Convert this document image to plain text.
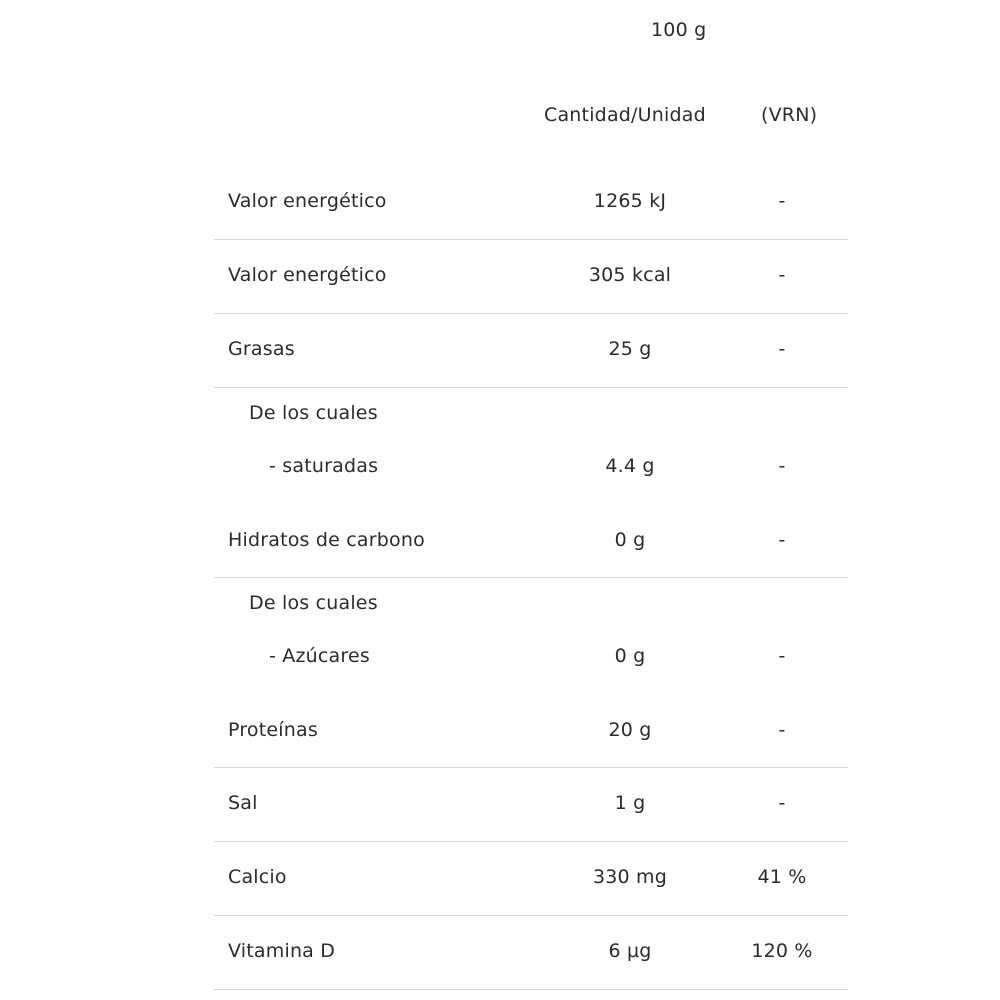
100 g
Cantidad/Unidad	(VRN)
Valor energético	1265 kJ	-
Valor energético	305 kcal	-
Grasas	25 g	-
De los cuales
- saturadas	4.4 g	-
Hidratos de carbono	0 g	-
De los cuales
- Azúcares	0 g	-
Proteínas	20 g	-
Sal	1 g	-
Calcio	330 mg	41 %
Vitamina D	6 µg	120 %
